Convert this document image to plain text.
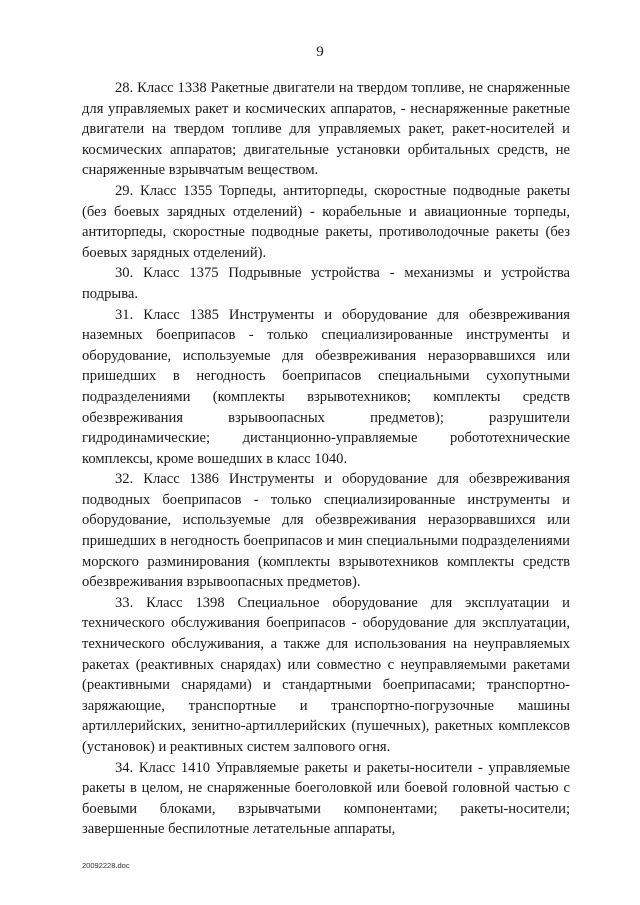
9

28. Класс 1338 Ракетные двигатели на твердом топливе, не снаряженные для управляемых ракет и космических аппаратов, - неснаряженные ракетные двигатели на твердом топливе для управляемых ракет, ракет-носителей и космических аппаратов; двигательные установки орбитальных средств, не снаряженные взрывчатым веществом.

29. Класс 1355 Торпеды, антиторпеды, скоростные подводные ракеты (без боевых зарядных отделений) - корабельные и авиационные торпеды, антиторпеды, скоростные подводные ракеты, противолодочные ракеты (без боевых зарядных отделений).

30. Класс 1375 Подрывные устройства - механизмы и устройства подрыва.

31. Класс 1385 Инструменты и оборудование для обезвреживания наземных боеприпасов - только специализированные инструменты и оборудование, используемые для обезвреживания неразорвавшихся или пришедших в негодность боеприпасов специальными сухопутными подразделениями (комплекты взрывотехников; комплекты средств обезвреживания взрывоопасных предметов); разрушители гидродинамические; дистанционно-управляемые робототехнические комплексы, кроме вошедших в класс 1040.

32. Класс 1386 Инструменты и оборудование для обезвреживания подводных боеприпасов - только специализированные инструменты и оборудование, используемые для обезвреживания неразорвавшихся или пришедших в негодность боеприпасов и мин специальными подразделениями морского разминирования (комплекты взрывотехников комплекты средств обезвреживания взрывоопасных предметов).

33. Класс 1398 Специальное оборудование для эксплуатации и технического обслуживания боеприпасов - оборудование для эксплуатации, технического обслуживания, а также для использования на неуправляемых ракетах (реактивных снарядах) или совместно с неуправляемыми ракетами (реактивными снарядами) и стандартными боеприпасами; транспортно-заряжающие, транспортные и транспортно-погрузочные машины артиллерийских, зенитно-артиллерийских (пушечных), ракетных комплексов (установок) и реактивных систем залпового огня.

34. Класс 1410 Управляемые ракеты и ракеты-носители - управляемые ракеты в целом, не снаряженные боеголовкой или боевой головной частью с боевыми блоками, взрывчатыми компонентами; ракеты-носители; завершенные беспилотные летательные аппараты,

20092228.doc
